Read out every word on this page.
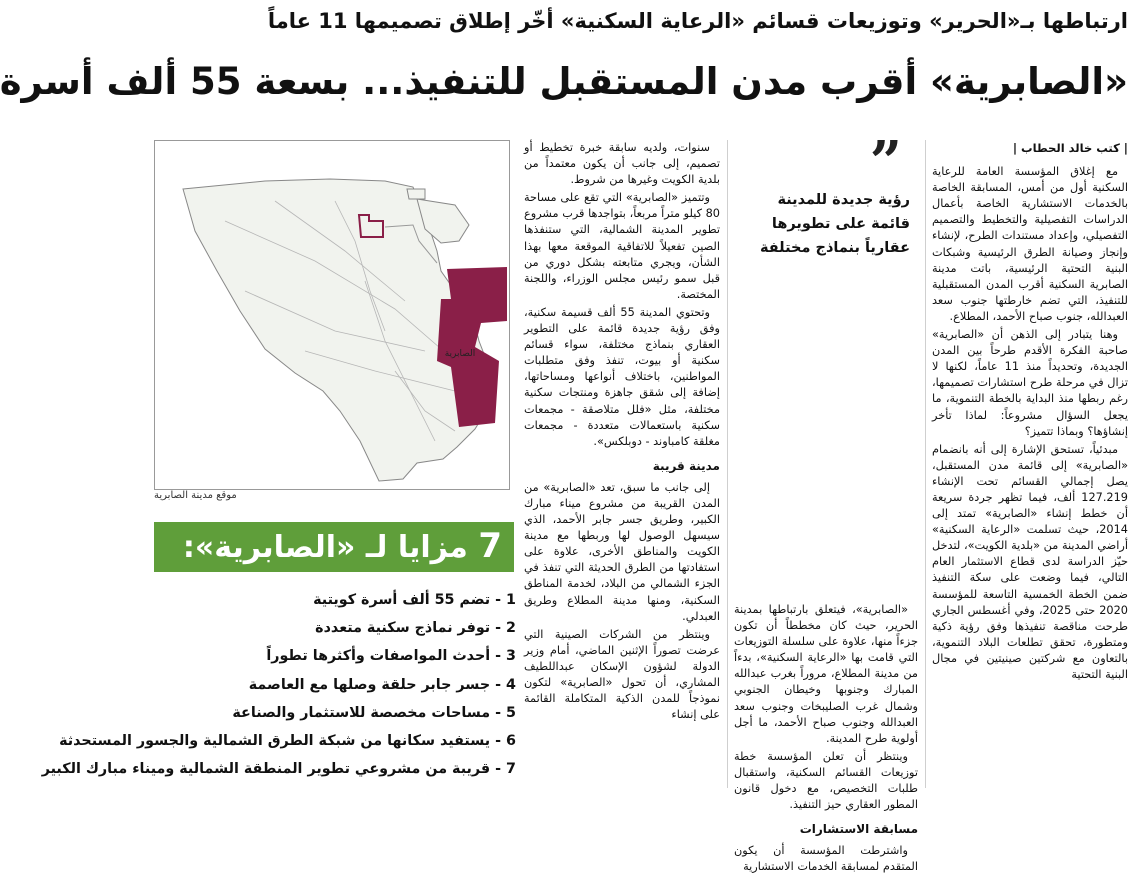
ارتباطها بـ«الحرير» وتوزيعات قسائم «الرعاية السكنية» أخّر إطلاق تصميمها 11 عاماً
«الصابرية» أقرب مدن المستقبل للتنفيذ... بسعة 55 ألف أسرة
| كتب خالد الحطاب |

مع إغلاق المؤسسة العامة للرعاية السكنية أول من أمس، المسابقة الخاصة بالخدمات الاستشارية الخاصة بأعمال الدراسات التفصيلية والتخطيط والتصميم التفصيلي، وإعداد مستندات الطرح، لإنشاء وإنجاز وصيانة الطرق الرئيسية وشبكات البنية التحتية الرئيسية، باتت مدينة الصابرية السكنية أقرب المدن المستقبلية للتنفيذ، التي تضم خارطتها جنوب سعد العبدالله، جنوب صباح الأحمد، المطلاع.

وهنا يتبادر إلى الذهن أن «الصابرية» صاحبة الفكرة الأقدم طرحاً بين المدن الجديدة، وتحديداً منذ 11 عاماً، لكنها لا تزال في مرحلة طرح استشارات تصميمها، رغم ربطها منذ البداية بالخطة التنموية، ما يجعل السؤال مشروعاً: لماذا تأخر إنشاؤها؟ وبماذا تتميز؟

مبدئياً، تستحق الإشارة إلى أنه بانضمام «الصابرية» إلى قائمة مدن المستقبل، يصل إجمالي القسائم تحت الإنشاء 127.219 ألف، فيما تظهر جردة سريعة أن خطط إنشاء «الصابرية» تمتد إلى 2014، حيث تسلمت «الرعاية السكنية» أراضي المدينة من «بلدية الكويت»، لتدخل حيّز الدراسة لدى قطاع الاستثمار العام التالي، فيما وضعت على سكة التنفيذ ضمن الخطة الخمسية التاسعة للمؤسسة 2020 حتى 2025، وفي أغسطس الجاري طرحت مناقصة تنفيذها وفق رؤية ذكية ومتطورة، تحقق تطلعات البلاد التنموية، بالتعاون مع شركتين صينيتين في مجال البنية التحتية

”
رؤية جديدة للمدينة قائمة على تطويرها عقارياً بنماذج مختلفة

«الصابرية»، فيتعلق بارتباطها بمدينة الحرير، حيث كان مخططاً أن تكون جزءاً منها، علاوة على سلسلة التوزيعات التي قامت بها «الرعاية السكنية»، بدءاً من مدينة المطلاع، مروراً بغرب عبدالله المبارك وجنوبها وخيطان الجنوبي وشمال غرب الصليبخات وجنوب سعد العبدالله وجنوب صباح الأحمد، ما أجل أولوية طرح المدينة.

وينتظر أن تعلن المؤسسة خطة توزيعات القسائم السكنية، واستقبال طلبات التخصيص، مع دخول قانون المطور العقاري حيز التنفيذ.

مسابقة الاستشارات

واشترطت المؤسسة أن يكون المتقدم لمسابقة الخدمات الاستشارية

سنوات، ولديه سابقة خبرة تخطيط أو تصميم، إلى جانب أن يكون معتمداً من بلدية الكويت وغيرها من شروط.

وتتميز «الصابرية» التي تقع على مساحة 80 كيلو متراً مربعاً، بتواجدها قرب مشروع تطوير المدينة الشمالية، التي ستنفذها الصين تفعيلاً للاتفاقية الموقعة معها بهذا الشأن، ويجري متابعته بشكل دوري من قبل سمو رئيس مجلس الوزراء، واللجنة المختصة.

وتحتوي المدينة 55 ألف قسيمة سكنية، وفق رؤية جديدة قائمة على التطوير العقاري بنماذج مختلفة، سواء قسائم سكنية أو بيوت، تنفذ وفق متطلبات المواطنين، باختلاف أنواعها ومساحاتها، إضافة إلى شقق جاهزة ومنتجات سكنية مختلفة، مثل «فلل متلاصقة - مجمعات سكنية باستعمالات متعددة - مجمعات مغلقة كامباوند - دوبلكس».

مدينة قريبة

إلى جانب ما سبق، تعد «الصابرية» من المدن القريبة من مشروع ميناء مبارك الكبير، وطريق جسر جابر الأحمد، الذي سيسهل الوصول لها وربطها مع مدينة الكويت والمناطق الأخرى، علاوة على استفادتها من الطرق الحديثة التي تنفذ في الجزء الشمالي من البلاد، لخدمة المناطق السكنية، ومنها مدينة المطلاع وطريق العبدلي.

وينتظر من الشركات الصينية التي عرضت تصوراً الإثنين الماضي، أمام وزير الدولة لشؤون الإسكان عبداللطيف المشاري، أن تحول «الصابرية» لتكون نموذجاً للمدن الذكية المتكاملة القائمة على إنشاء

الصابرية
موقع مدينة الصابرية
7 مزايا لـ «الصابرية»:
1 - تضم 55 ألف أسرة كويتية
2 - توفر نماذج سكنية متعددة
3 - أحدث المواصفات وأكثرها تطوراً
4 - جسر جابر حلقة وصلها مع العاصمة
5 - مساحات مخصصة للاستثمار والصناعة
6 - يستفيد سكانها من شبكة الطرق الشمالية والجسور المستحدثة
7 - قريبة من مشروعي تطوير المنطقة الشمالية وميناء مبارك الكبير
